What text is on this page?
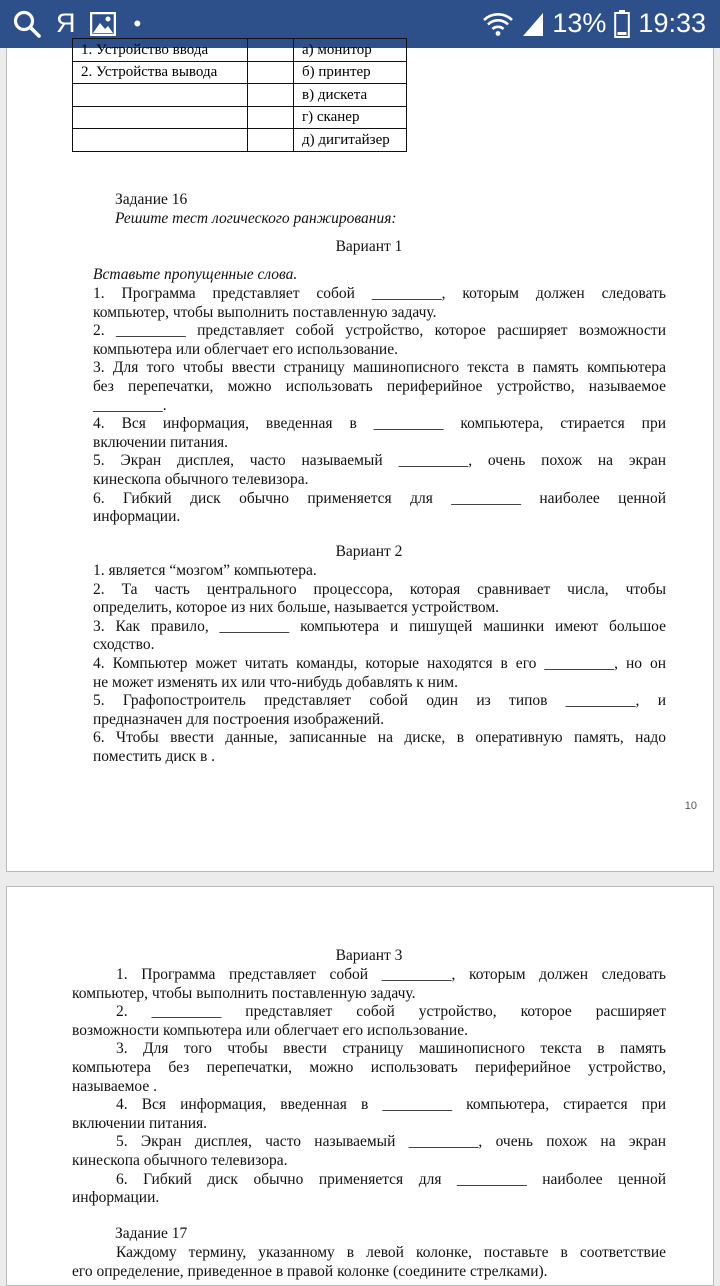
Я	•	13% 19:33
1. Устройство ввода		а) монитор
2. Устройства вывода		б) принтер
		в) дискета
		г) сканер
		д) дигитайзер
Задание 16
Решите тест логического ранжирования:
Вариант 1
Вставьте пропущенные слова.
1. Программа представляет собой _________, которым должен следовать
компьютер, чтобы выполнить поставленную задачу.
2. _________ представляет собой устройство, которое расширяет возможности
компьютера или облегчает его использование.
3. Для того чтобы ввести страницу машинописного текста в память компьютера
без перепечатки, можно использовать периферийное устройство, называемое
_________.
4. Вся информация, введенная в _________ компьютера, стирается при
включении питания.
5. Экран дисплея, часто называемый _________, очень похож на экран
кинескопа обычного телевизора.
6. Гибкий диск обычно применяется для _________ наиболее ценной
информации.
Вариант 2
1. является “мозгом” компьютера.
2. Та часть центрального процессора, которая сравнивает числа, чтобы
определить, которое из них больше, называется устройством.
3. Как правило, _________ компьютера и пишущей машинки имеют большое
сходство.
4. Компьютер может читать команды, которые находятся в его _________, но он
не может изменять их или что-нибудь добавлять к ним.
5. Графопостроитель представляет собой один из типов _________, и
предназначен для построения изображений.
6. Чтобы ввести данные, записанные на диске, в оперативную память, надо
поместить диск в .
10
Вариант 3
1. Программа представляет собой _________, которым должен следовать
компьютер, чтобы выполнить поставленную задачу.
2. _________ представляет собой устройство, которое расширяет
возможности компьютера или облегчает его использование.
3. Для того чтобы ввести страницу машинописного текста в память
компьютера без перепечатки, можно использовать периферийное устройство,
называемое .
4. Вся информация, введенная в _________ компьютера, стирается при
включении питания.
5. Экран дисплея, часто называемый _________, очень похож на экран
кинескопа обычного телевизора.
6. Гибкий диск обычно применяется для _________ наиболее ценной
информации.
Задание 17
Каждому термину, указанному в левой колонке, поставьте в соответствие
его определение, приведенное в правой колонке (соедините стрелками).
